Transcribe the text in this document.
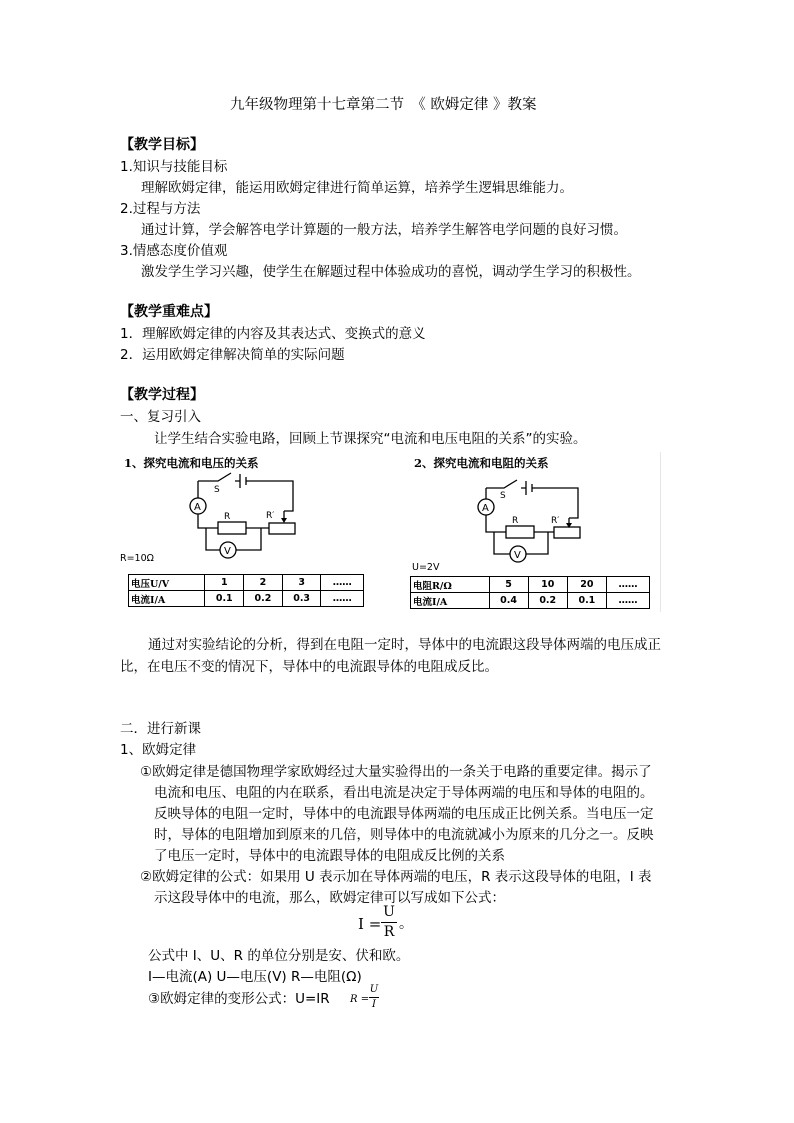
九年级物理第十七章第二节　《 欧姆定律 》教案
【教学目标】
1.知识与技能目标
理解欧姆定律，能运用欧姆定律进行简单运算，培养学生逻辑思维能力。
2.过程与方法
通过计算，学会解答电学计算题的一般方法，培养学生解答电学问题的良好习惯。
3.情感态度价值观
激发学生学习兴趣，使学生在解题过程中体验成功的喜悦，调动学生学习的积极性。
【教学重难点】
1．理解欧姆定律的内容及其表达式、变换式的意义
2．运用欧姆定律解决简单的实际问题
【教学过程】
一、复习引入
让学生结合实验电路，回顾上节课探究“电流和电压电阻的关系”的实验。
1、探究电流和电压的关系
S
A
R	R′
V
R=10Ω
电压U/V	1	2	3	……
电流I/A	0.1	0.2	0.3	……
2、探究电流和电阻的关系
S
A
R	R′
V
U=2V
电阻R/Ω	5	10	20	……
电流I/A	0.4	0.2	0.1	……
通过对实验结论的分析，得到在电阻一定时，导体中的电流跟这段导体两端的电压成正
比，在电压不变的情况下，导体中的电流跟导体的电阻成反比。
二．进行新课
1、欧姆定律
①欧姆定律是德国物理学家欧姆经过大量实验得出的一条关于电路的重要定律。揭示了
电流和电压、电阻的内在联系，看出电流是决定于导体两端的电压和导体的电阻的。
反映导体的电阻一定时，导体中的电流跟导体两端的电压成正比例关系。当电压一定
时，导体的电阻增加到原来的几倍，则导体中的电流就减小为原来的几分之一。反映
了电压一定时，导体中的电流跟导体的电阻成反比例的关系
②欧姆定律的公式：如果用 U 表示加在导体两端的电压，R 表示这段导体的电阻，I 表
示这段导体中的电流，那么，欧姆定律可以写成如下公式：
I =
U
R 。
公式中 I、U、R 的单位分别是安、伏和欧。
I—电流(A) U—电压(V) R—电阻(Ω)
③欧姆定律的变形公式：U=IR R =
U
I
